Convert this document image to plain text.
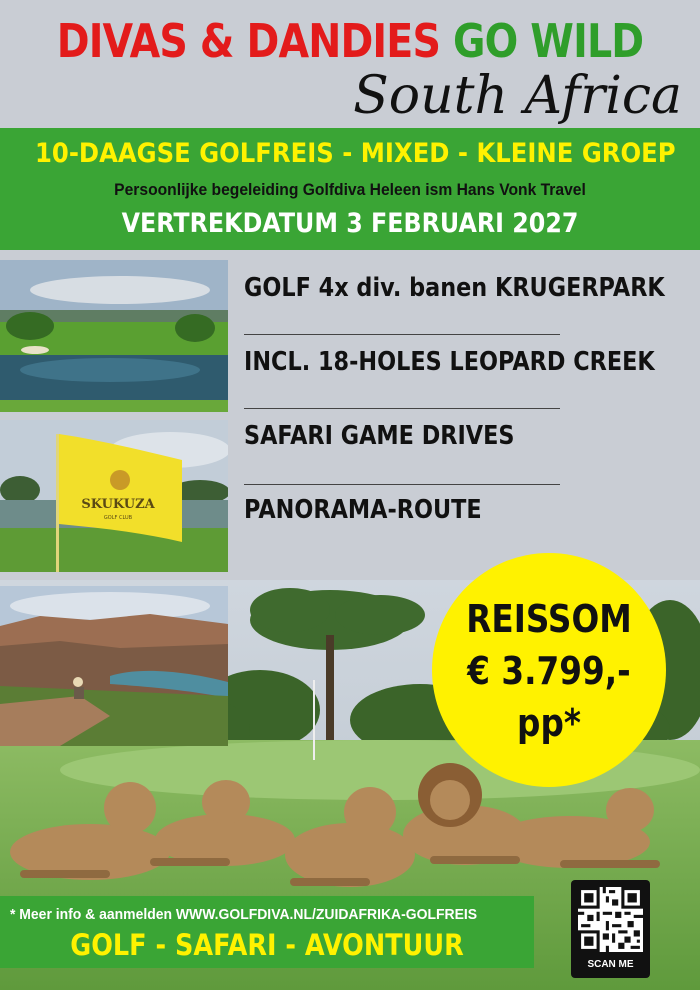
DIVAS & DANDIES GO WILD
South Africa
10-DAAGSE GOLFREIS - MIXED - KLEINE GROEP
Persoonlijke begeleiding Golfdiva Heleen ism Hans Vonk Travel
VERTREKDATUM 3 FEBRUARI 2027
SKUKUZA
GOLF CLUB
GOLF 4x div. banen KRUGERPARK
INCL. 18-HOLES LEOPARD CREEK
SAFARI GAME DRIVES
PANORAMA-ROUTE
REISSOM
€ 3.799,-
pp*
* Meer info & aanmelden WWW.GOLFDIVA.NL/ZUIDAFRIKA-GOLFREIS
GOLF - SAFARI - AVONTUUR
SCAN ME
